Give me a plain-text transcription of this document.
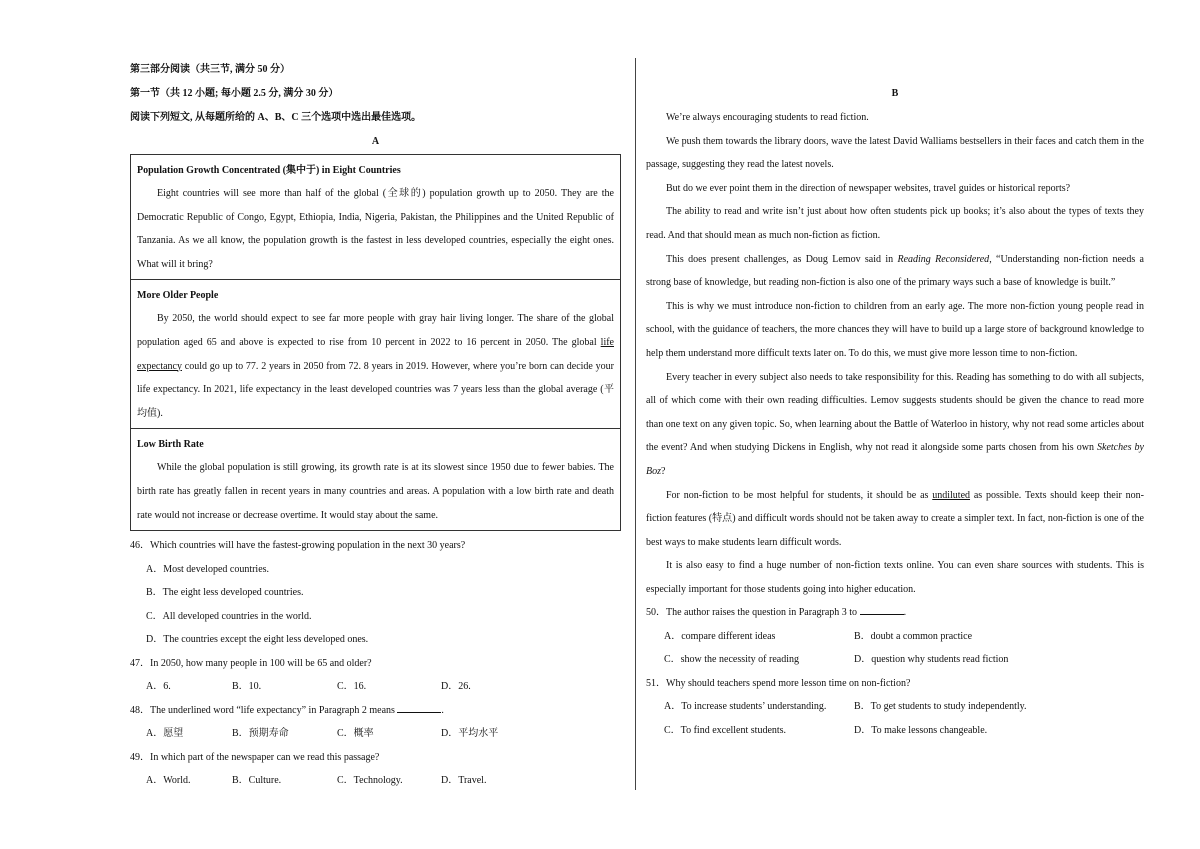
第三部分阅读（共三节, 满分 50 分）
第一节（共 12 小题; 每小题 2.5 分, 满分 30 分）
阅读下列短文, 从每题所给的 A、B、C 三个选项中选出最佳选项。
A
Population Growth Concentrated (集中于) in Eight Countries

Eight countries will see more than half of the global (全球的) population growth up to 2050. They are the Democratic Republic of Congo, Egypt, Ethiopia, India, Nigeria, Pakistan, the Philippines and the United Republic of Tanzania. As we all know, the population growth is the fastest in less developed countries, especially the eight ones. What will it bring?

More Older People

By 2050, the world should expect to see far more people with gray hair living longer. The share of the global population aged 65 and above is expected to rise from 10 percent in 2022 to 16 percent in 2050. The global life expectancy could go up to 77. 2 years in 2050 from 72. 8 years in 2019. However, where you’re born can decide your life expectancy. In 2021, life expectancy in the least developed countries was 7 years less than the global average (平均值).

Low Birth Rate

While the global population is still growing, its growth rate is at its slowest since 1950 due to fewer babies. The birth rate has greatly fallen in recent years in many countries and areas. A population with a low birth rate and death rate would not increase or decrease overtime. It would stay about the same.

46．Which countries will have the fastest-growing population in the next 30 years?
A．Most developed countries.
B．The eight less developed countries.
C．All developed countries in the world.
D．The countries except the eight less developed ones.
47．In 2050, how many people in 100 will be 65 and older?
A．6.	B．10.	C．16.	D．26.
48．The underlined word “life expectancy” in Paragraph 2 means	.
A．愿望	B．预期寿命	C．概率	D．平均水平
49．In which part of the newspaper can we read this passage?
A．World.	B．Culture.	C．Technology.	D．Travel.
B

We’re always encouraging students to read fiction.

We push them towards the library doors, wave the latest David Walliams bestsellers in their faces and catch them in the passage, suggesting they read the latest novels.

But do we ever point them in the direction of newspaper websites, travel guides or historical reports?

The ability to read and write isn’t just about how often students pick up books; it’s also about the types of texts they read. And that should mean as much non-fiction as fiction.

This does present challenges, as Doug Lemov said in Reading Reconsidered, “Understanding non-fiction needs a strong base of knowledge, but reading non-fiction is also one of the primary ways such a base of knowledge is built.”

This is why we must introduce non-fiction to children from an early age. The more non-fiction young people read in school, with the guidance of teachers, the more chances they will have to build up a large store of background knowledge to help them understand more difficult texts later on. To do this, we must give more lesson time to non-fiction.

Every teacher in every subject also needs to take responsibility for this. Reading has something to do with all subjects, all of which come with their own reading difficulties. Lemov suggests students should be given the chance to read more than one text on any given topic. So, when learning about the Battle of Waterloo in history, why not read some articles about the event? And when studying Dickens in English, why not read it alongside some parts chosen from his own Sketches by Boz?

For non-fiction to be most helpful for students, it should be as undiluted as possible. Texts should keep their non-fiction features (特点) and difficult words should not be taken away to create a simpler text. In fact, non-fiction is one of the best ways to make students learn difficult words.

It is also easy to find a huge number of non-fiction texts online. You can even share sources with students. This is especially important for those students going into higher education.

50．The author raises the question in Paragraph 3 to	.
A．compare different ideas	B．doubt a common practice
C．show the necessity of reading	D．question why students read fiction
51．Why should teachers spend more lesson time on non-fiction?
A．To increase students’ understanding.	B．To get students to study independently.
C．To find excellent students.	D．To make lessons changeable.
